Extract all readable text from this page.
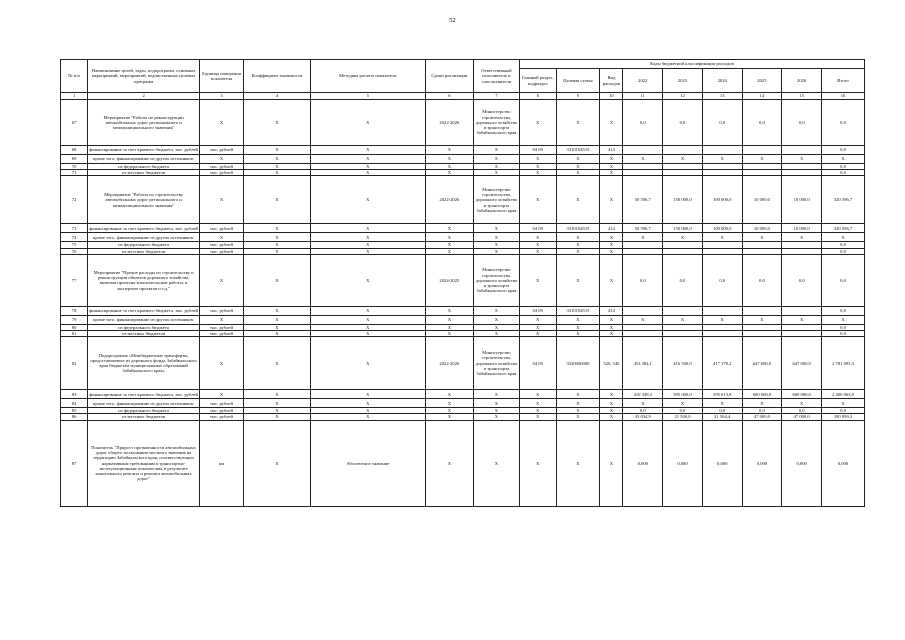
52
№ п/п	Наименование целей, задач, подпрограмм, основных мероприятий, мероприятий, ведомственных целевых программ	Единица измерения показателя	Коэффициент значимости	Методика расчета показателя	Сроки реализации	Ответственный исполнитель и соисполнители	Коды бюджетной классификации расходов								
							Главный раздел, подраздел	Целевая статья	Вид расходов	2022	2023	2024	2025	2026	Итого
1	2	3	4	5	6	7	8	9	10	11	12	13	14	15	16
67	Мероприятие "Работы по реконструкции автомобильных дорог регионального и межмуниципального значения"	Х	Х	Х	2022-2026	Министерство строительства, дорожного хозяйства и транспорта Забайкальского края	Х	Х	Х	0,0	0,0	0,0	0,0	0,0	0,0
68	финансирование за счет краевого бюджета, тыс. рублей	тыс. рублей	Х	Х	Х	Х	04 09	3310104515	414						0,0
69	кроме того, финансирование из других источников:	Х	Х	Х	Х	Х	Х	Х	Х	Х	Х	Х	Х	Х	Х
70	из федерального бюджета	тыс. рублей	Х	Х	Х	Х	Х	Х	Х						0,0
71	из местных бюджетов	тыс. рублей	Х	Х	Х	Х	Х	Х	Х						0,0
72	Мероприятие "Работы по строительству автомобильных дорог регионального и межмуниципального значения"	Х	Х	Х	2022-2026	Министерство строительства, дорожного хозяйства и транспорта Забайкальского края	Х	Х	Х	50 596,7	150 000,0	100 000,0	10 000,0	10 000,0	320 596,7
73	финансирование за счет краевого бюджета, тыс. рублей	тыс. рублей	Х	Х	Х	Х	04 09	3310104515	414	50 596,7	150 000,0	100 000,0	10 000,0	10 000,0	320 596,7
74	кроме того, финансирование из других источников:	Х	Х	Х	Х	Х	Х	Х	Х	Х	Х	Х	Х	Х	Х
75	из федерального бюджета	тыс. рублей	Х	Х	Х	Х	Х	Х	Х						0,0
76	из местных бюджетов	тыс. рублей	Х	Х	Х	Х	Х	Х	Х						0,0
77	Мероприятие "Прочие расходы по строительству и реконструкции объектов дорожного хозяйства, включая проектно-изыскательские работы, и экспертизе проектов и т.д."	Х	Х	Х	2024-2025	Министерство строительства, дорожного хозяйства и транспорта Забайкальского края	Х	Х	Х	0,0	0,0	0,0	0,0	0,0	0,0
78	финансирование за счет краевого бюджета, тыс. рублей	тыс. рублей	Х	Х	Х	Х	04 09	3310104515	414						0,0
79	кроме того, финансирование из других источников:	Х	Х	Х	Х	Х	Х	Х	Х	Х	Х	Х	Х	Х	Х
80	из федерального бюджета	тыс. рублей	Х	Х	Х	Х	Х	Х	Х						0,0
81	из местных бюджетов	тыс. рублей	Х	Х	Х	Х	Х	Х	Х						0,0
82	Подпрограмма «Межбюджетные трансферты, предоставляемые из дорожного фонда Забайкальского края бюджетам муниципальных образований Забайкальского края»	Х	Х	Х	2022-2026	Министерство строительства, дорожного хозяйства и транспорта Забайкальского края	04 09	3320000000	520, 540	453 384,1	416 500,0	417 178,2	647 000,0	647 000,0	2 781 093,3
83	финансирование за счет краевого бюджета, тыс. рублей	Х	Х	Х	Х	Х	Х	Х	Х	410 349,2	395 000,0	395 613,8	600 000,0	600 000,0	2 400 963,0
84	кроме того, финансирование из других источников:	тыс. рублей	Х	Х	Х	Х	Х	Х	Х	Х	Х	Х	Х	Х	Х
85	из федерального бюджета	тыс. рублей	Х	Х	Х	Х	Х	Х	Х	0,0	0,0	0,0	0,0	0,0	0,0
86	из местных бюджетов	тыс. рублей	Х	Х	Х	Х	Х	Х	Х	43 034,9	21 500,0	21 564,4	47 000,0	47 000,0	180 099,3
87	Показатель "Прирост протяженности автомобильных дорог общего пользования местного значения на территории Забайкальского края, соответствующих нормативным требованиям к транспортно-эксплуатационным показателям, в результате капитального ремонта и ремонта автомобильных дорог"	км	Х	Абсолютное значение	Х	Х	Х	Х	Х	0,000	0,000	0,000	0,000	0,000	0,000
